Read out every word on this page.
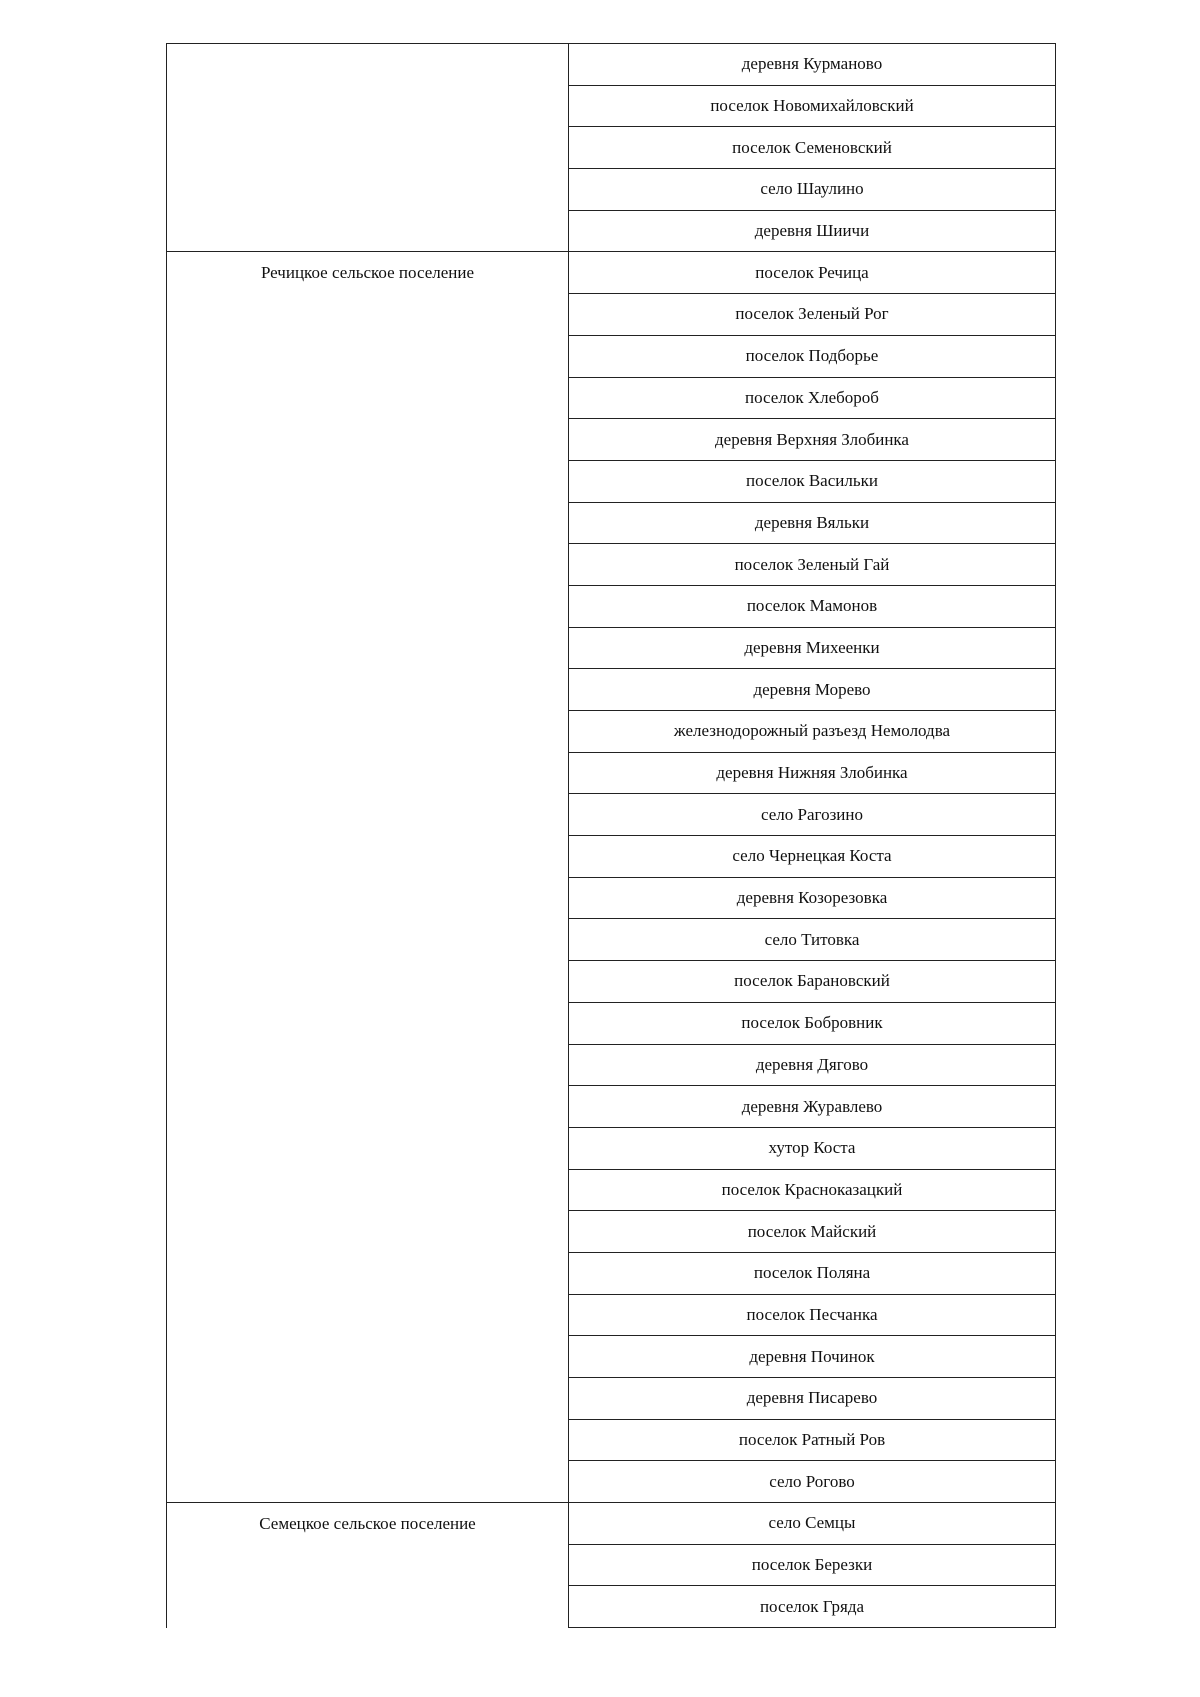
	деревня Курманово
	поселок Новомихайловский
	поселок Семеновский
	село Шаулино
	деревня Шиичи
Речицкое сельское поселение	поселок Речица
	поселок Зеленый Рог
	поселок Подборье
	поселок Хлебороб
	деревня Верхняя Злобинка
	поселок Васильки
	деревня Вяльки
	поселок Зеленый Гай
	поселок Мамонов
	деревня Михеенки
	деревня Морево
	железнодорожный разъезд Немолодва
	деревня Нижняя Злобинка
	село Рагозино
	село Чернецкая Коста
	деревня Козорезовка
	село Титовка
	поселок Барановский
	поселок Бобровник
	деревня Дягово
	деревня Журавлево
	хутор Коста
	поселок Краснoказацкий
	поселок Майский
	поселок Поляна
	поселок Песчанка
	деревня Починок
	деревня Писарево
	поселок Ратный Ров
	село Рогово
Семецкое сельское поселение	село Семцы
	поселок Березки
	поселок Гряда
